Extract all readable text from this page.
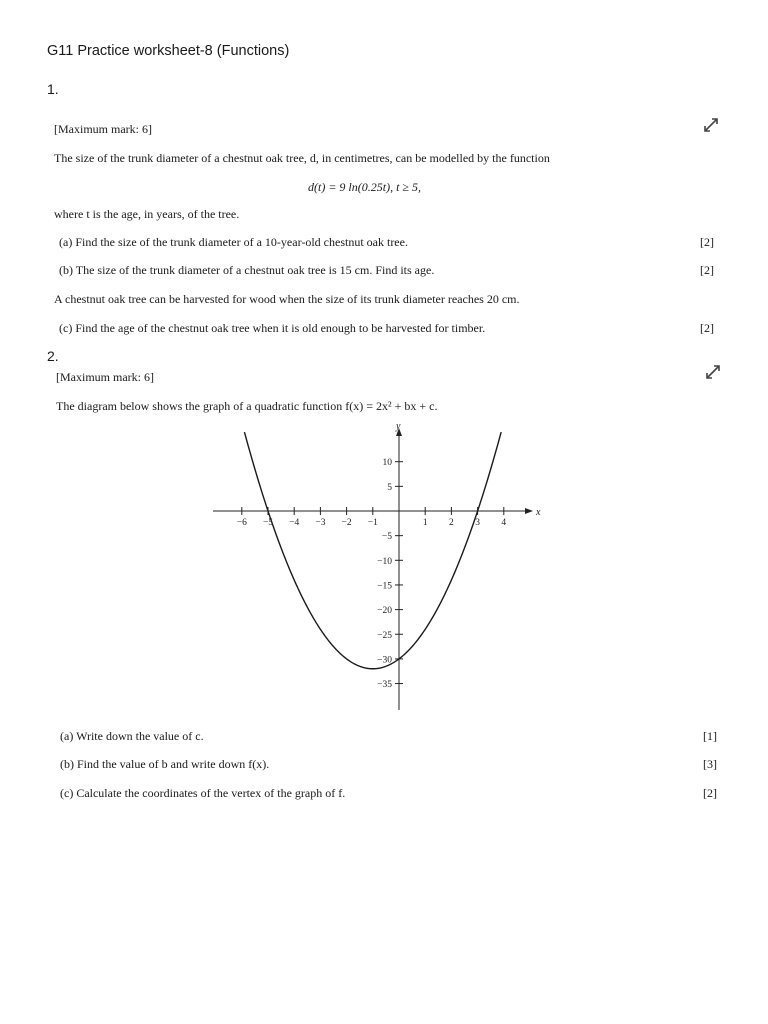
G11 Practice worksheet-8 (Functions)
1.
[Maximum mark: 6]
The size of the trunk diameter of a chestnut oak tree, d, in centimetres, can be modelled by the function
d(t) = 9 ln(0.25t), t ≥ 5,
where t is the age, in years, of the tree.
(a) Find the size of the trunk diameter of a 10-year-old chestnut oak tree.	[2]
(b) The size of the trunk diameter of a chestnut oak tree is 15 cm. Find its age.	[2]
A chestnut oak tree can be harvested for wood when the size of its trunk diameter reaches 20 cm.
(c) Find the age of the chestnut oak tree when it is old enough to be harvested for timber.	[2]
2.
[Maximum mark: 6]
The diagram below shows the graph of a quadratic function f(x) = 2x² + bx + c.
x
y
−6 −5 −4 −3 −2 −1	1 2 3 4
10
5
−5
−10
−15
−20
−25
−30
−35
(a) Write down the value of c.	[1]
(b) Find the value of b and write down f(x).	[3]
(c) Calculate the coordinates of the vertex of the graph of f.	[2]
